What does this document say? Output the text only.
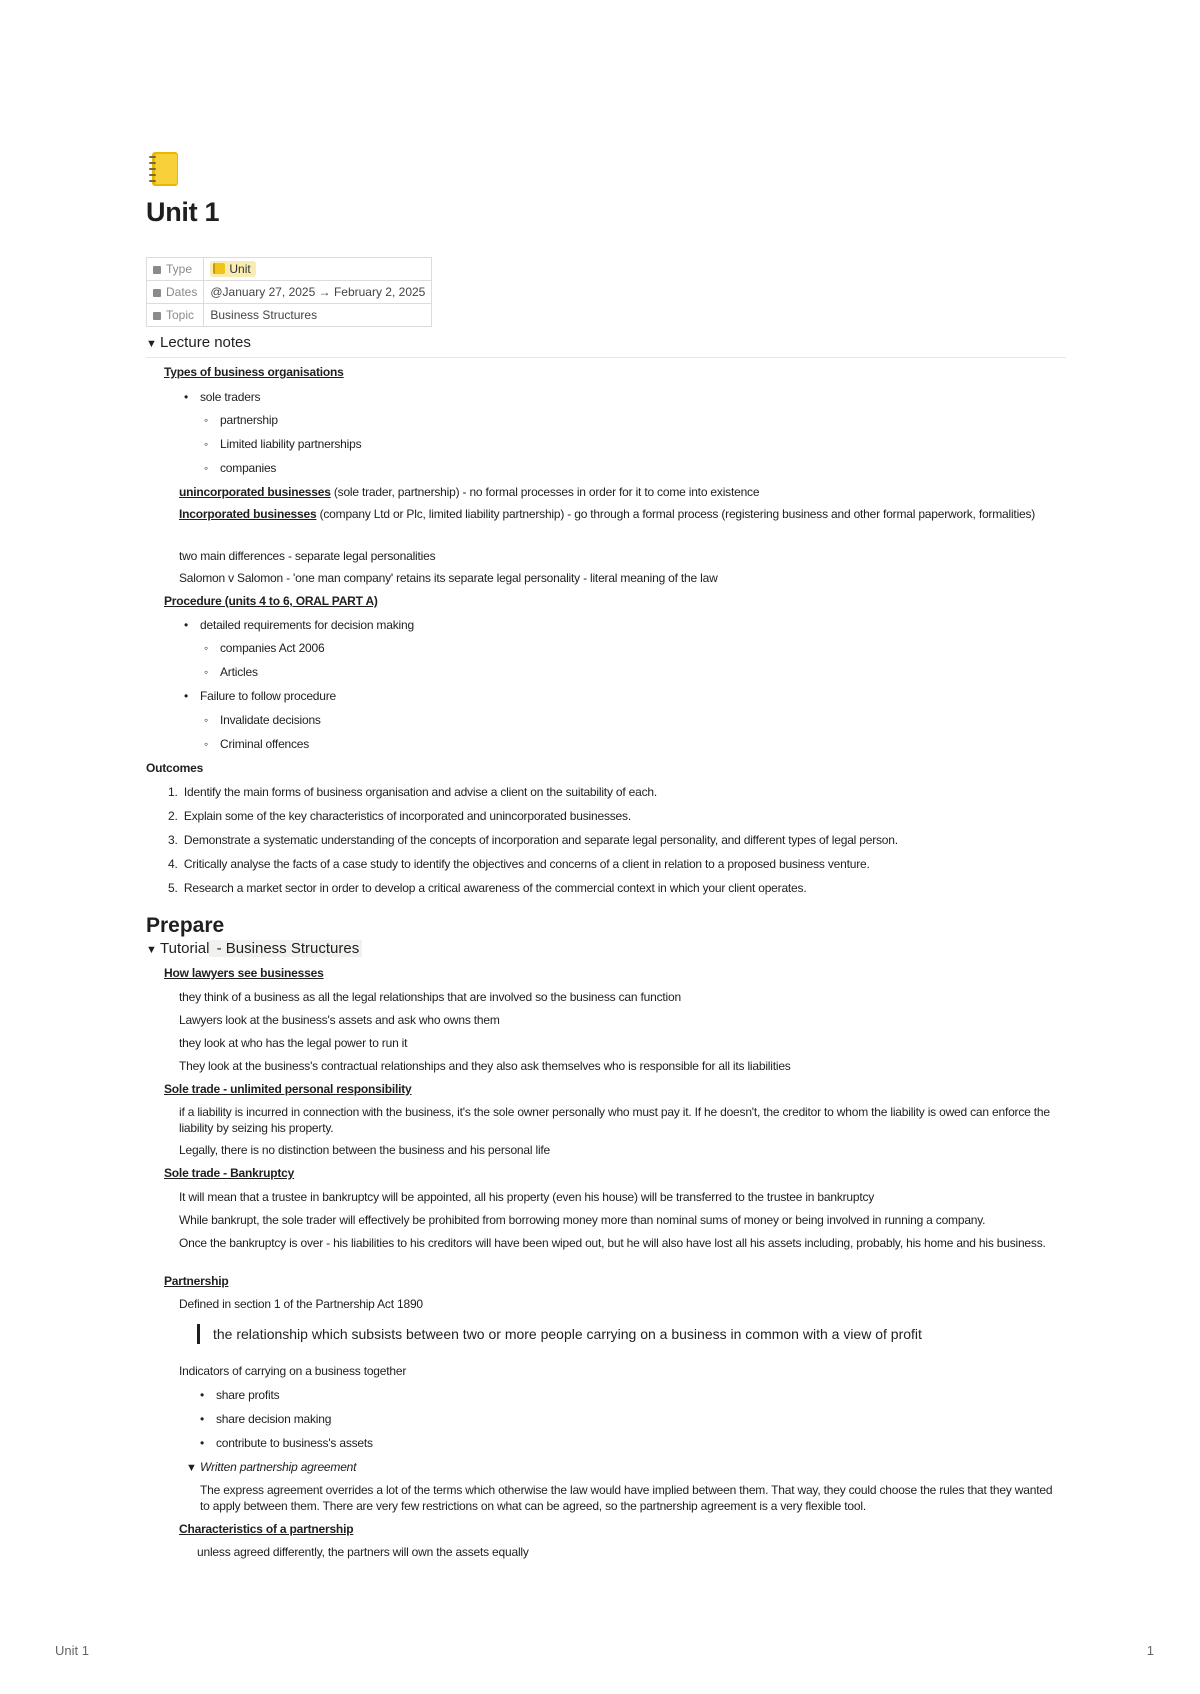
Unit 1
Type	Unit
Dates	@January 27, 2025 → February 2, 2025
Topic	Business Structures
▼ Lecture notes
Types of business organisations
• sole traders
◦ partnership
◦ Limited liability partnerships
◦ companies
unincorporated businesses (sole trader, partnership) - no formal processes in order for it to come into existence
Incorporated businesses (company Ltd or Plc, limited liability partnership) - go through a formal process (registering business and other formal paperwork, formalities)
two main differences - separate legal personalities
Salomon v Salomon - 'one man company' retains its separate legal personality - literal meaning of the law
Procedure (units 4 to 6, ORAL PART A)
• detailed requirements for decision making
◦ companies Act 2006
◦ Articles
• Failure to follow procedure
◦ Invalidate decisions
◦ Criminal offences
Outcomes
1.  Identify the main forms of business organisation and advise a client on the suitability of each.
2.  Explain some of the key characteristics of incorporated and unincorporated businesses.
3.  Demonstrate a systematic understanding of the concepts of incorporation and separate legal personality, and different types of legal person.
4.  Critically analyse the facts of a case study to identify the objectives and concerns of a client in relation to a proposed business venture.
5.  Research a market sector in order to develop a critical awareness of the commercial context in which your client operates.
Prepare
▼ Tutorial - Business Structures
How lawyers see businesses
they think of a business as all the legal relationships that are involved so the business can function
Lawyers look at the business's assets and ask who owns them
they look at who has the legal power to run it
They look at the business's contractual relationships and they also ask themselves who is responsible for all its liabilities
Sole trade - unlimited personal responsibility
if a liability is incurred in connection with the business, it's the sole owner personally who must pay it. If he doesn't, the creditor to whom the liability is owed can enforce the liability by seizing his property.
Legally, there is no distinction between the business and his personal life
Sole trade - Bankruptcy
It will mean that a trustee in bankruptcy will be appointed, all his property (even his house) will be transferred to the trustee in bankruptcy
While bankrupt, the sole trader will effectively be prohibited from borrowing money more than nominal sums of money or being involved in running a company.
Once the bankruptcy is over - his liabilities to his creditors will have been wiped out, but he will also have lost all his assets including, probably, his home and his business.
Partnership
Defined in section 1 of the Partnership Act 1890
the relationship which subsists between two or more people carrying on a business in common with a view of profit
Indicators of carrying on a business together
• share profits
• share decision making
• contribute to business's assets
▼ Written partnership agreement
The express agreement overrides a lot of the terms which otherwise the law would have implied between them. That way, they could choose the rules that they wanted to apply between them. There are very few restrictions on what can be agreed, so the partnership agreement is a very flexible tool.
Characteristics of a partnership
unless agreed differently, the partners will own the assets equally
Unit 1	1
